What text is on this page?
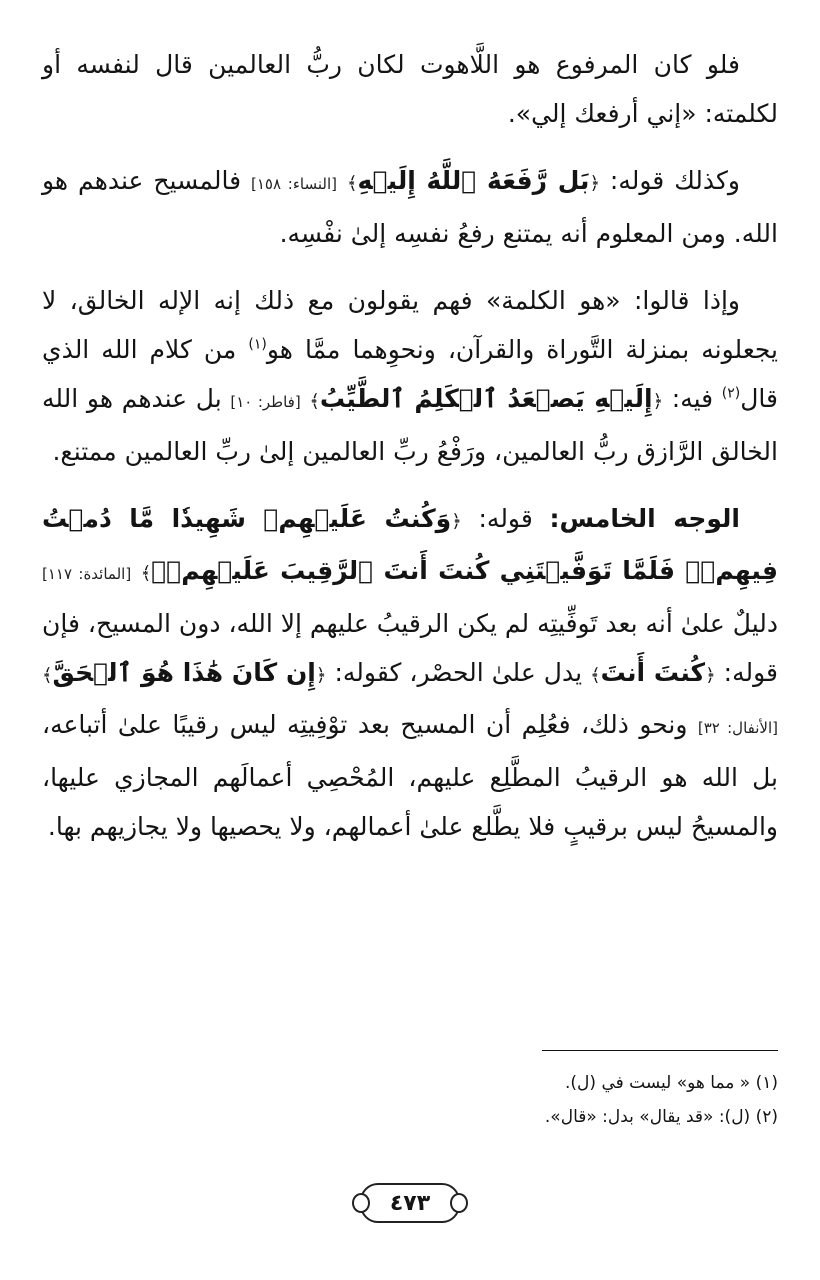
فلو كان المرفوع هو اللَّاهوت لكان ربُّ العالمين قال لنفسه أو لكلمته: «إني أرفعك إلي».
وكذلك قوله: ﴿بَل رَّفَعَهُ ٱللَّهُ إِلَيۡهِ﴾ [النساء: ١٥٨] فالمسيح عندهم هو الله. ومن المعلوم أنه يمتنع رفعُ نفسِه إلىٰ نفْسِه.
وإذا قالوا: «هو الكلمة» فهم يقولون مع ذلك إنه الإله الخالق، لا يجعلونه بمنزلة التَّوراة والقرآن، ونحوِهما ممَّا هو$^{(١)}$ من كلام الله الذي قال$^{(٢)}$ فيه: ﴿إِلَيۡهِ يَصۡعَدُ ٱلۡكَلِمُ ٱلطَّيِّبُ﴾ [فاطر: ١٠] بل عندهم هو الله الخالق الرَّازق ربُّ العالمين، ورَفْعُ ربِّ العالمين إلىٰ ربِّ العالمين ممتنع.
الوجه الخامس: قوله: ﴿وَكُنتُ عَلَيۡهِمۡ شَهِيدٗا مَّا دُمۡتُ فِيهِمۡۖ فَلَمَّا تَوَفَّيۡتَنِي كُنتَ أَنتَ ٱلرَّقِيبَ عَلَيۡهِمۡۚ﴾ [المائدة: ١١٧] دليلٌ علىٰ أنه بعد تَوفِّيتِه لم يكن الرقيبُ عليهم إلا الله، دون المسيح، فإن قوله: ﴿كُنتَ أَنتَ﴾ يدل علىٰ الحصْر، كقوله: ﴿إِن كَانَ هَٰذَا هُوَ ٱلۡحَقَّ﴾ [الأنفال: ٣٢] ونحو ذلك، فعُلِم أن المسيح بعد توْفِيتِه ليس رقيبًا علىٰ أتباعه، بل الله هو الرقيبُ المطَّلِع عليهم، المُحْصِي أعمالَهم المجازي عليها، والمسيحُ ليس برقيبٍ فلا يطَّلع علىٰ أعمالهم، ولا يحصيها ولا يجازيهم بها.
(١) « مما هو» ليست في (ل).
(٢) (ل): «قد يقال» بدل: «قال».
٤٧٣
